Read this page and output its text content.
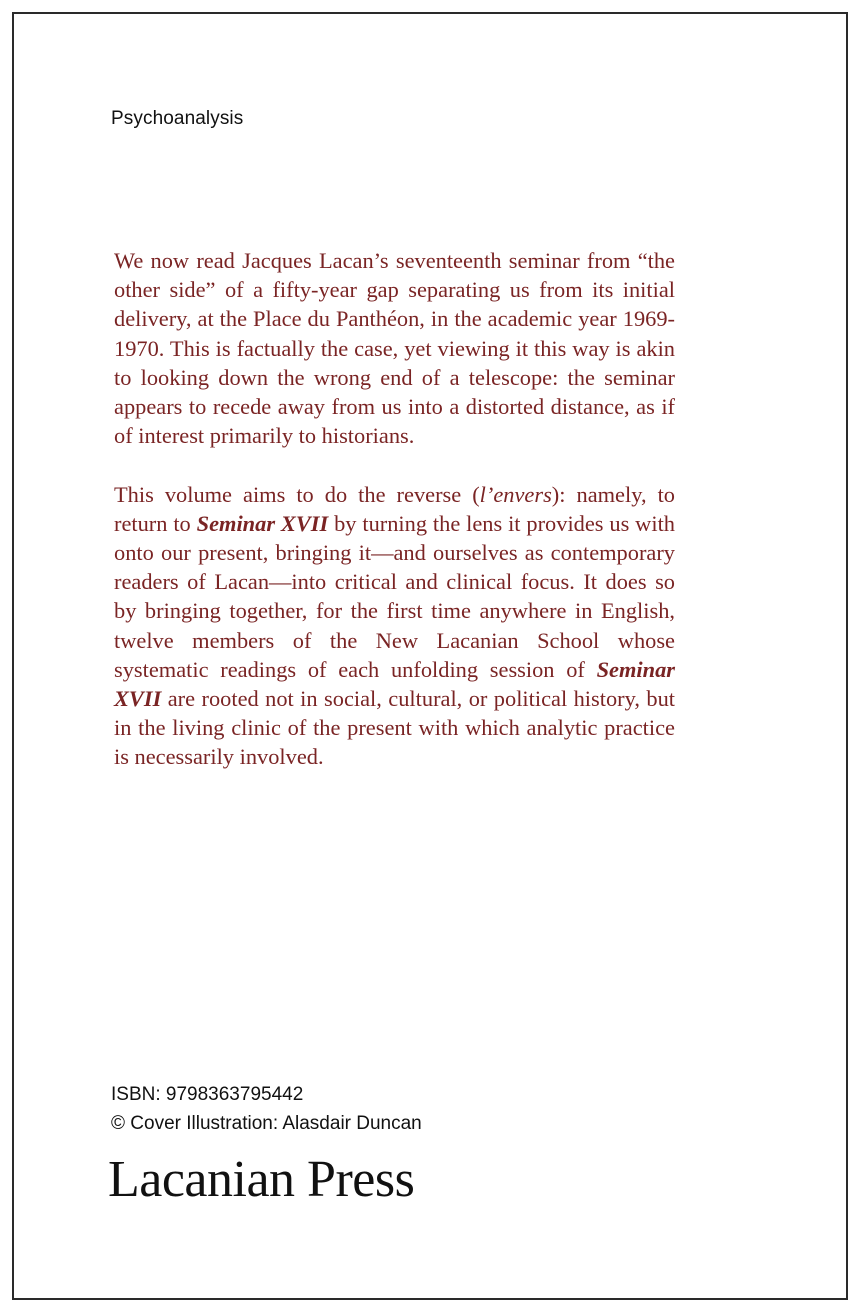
Psychoanalysis

We now read Jacques Lacan’s seventeenth seminar from “the other side” of a fifty-year gap separating us from its initial delivery, at the Place du Panthéon, in the academic year 1969-1970. This is factually the case, yet viewing it this way is akin to looking down the wrong end of a telescope: the seminar appears to recede away from us into a distorted distance, as if of interest primarily to historians.

This volume aims to do the reverse (l’envers): namely, to return to Seminar XVII by turning the lens it provides us with onto our present, bringing it—and ourselves as contemporary readers of Lacan—into critical and clinical focus. It does so by bringing together, for the first time anywhere in English, twelve members of the New Lacanian School whose systematic readings of each unfolding session of Seminar XVII are rooted not in social, cultural, or political history, but in the living clinic of the present with which analytic practice is necessarily involved.

ISBN: 9798363795442
© Cover Illustration: Alasdair Duncan
Lacanian Press
